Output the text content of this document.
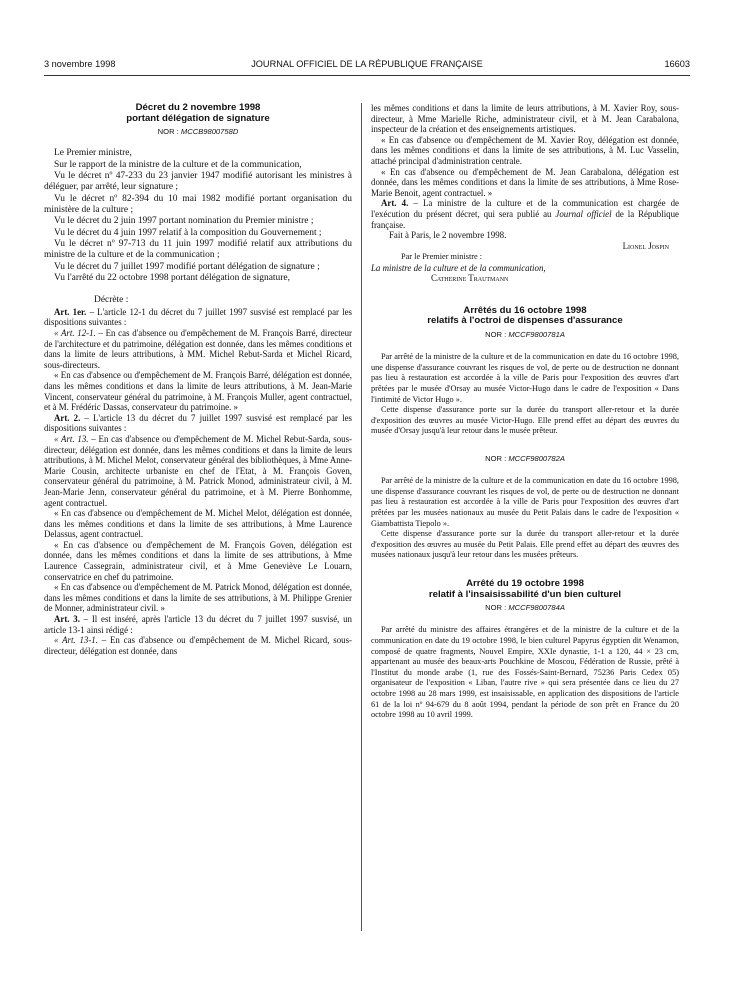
3 novembre 1998	JOURNAL OFFICIEL DE LA RÉPUBLIQUE FRANÇAISE	16603

Décret du 2 novembre 1998
portant délégation de signature

NOR : MCCB9800758D

Le Premier ministre,

Sur le rapport de la ministre de la culture et de la communication,

Vu le décret nº 47-233 du 23 janvier 1947 modifié autorisant les ministres à déléguer, par arrêté, leur signature ;

Vu le décret nº 82-394 du 10 mai 1982 modifié portant organisation du ministère de la culture ;

Vu le décret du 2 juin 1997 portant nomination du Premier ministre ;

Vu le décret du 4 juin 1997 relatif à la composition du Gouvernement ;

Vu le décret nº 97-713 du 11 juin 1997 modifié relatif aux attributions du ministre de la culture et de la communication ;

Vu le décret du 7 juillet 1997 modifié portant délégation de signature ;

Vu l'arrêté du 22 octobre 1998 portant délégation de signature,

Décrète :

Art. 1er. – L'article 12-1 du décret du 7 juillet 1997 susvisé est remplacé par les dispositions suivantes :

« Art. 12-1. – En cas d'absence ou d'empêchement de M. François Barré, directeur de l'architecture et du patrimoine, délégation est donnée, dans les mêmes conditions et dans la limite de leurs attributions, à MM. Michel Rebut-Sarda et Michel Ricard, sous-directeurs.

« En cas d'absence ou d'empêchement de M. François Barré, délégation est donnée, dans les mêmes conditions et dans la limite de leurs attributions, à M. Jean-Marie Vincent, conservateur général du patrimoine, à M. François Muller, agent contractuel, et à M. Frédéric Dassas, conservateur du patrimoine. »

Art. 2. – L'article 13 du décret du 7 juillet 1997 susvisé est remplacé par les dispositions suivantes :

« Art. 13. – En cas d'absence ou d'empêchement de M. Michel Rebut-Sarda, sous-directeur, délégation est donnée, dans les mêmes conditions et dans la limite de leurs attributions, à M. Michel Melot, conservateur général des bibliothèques, à Mme Anne-Marie Cousin, architecte urbaniste en chef de l'Etat, à M. François Goven, conservateur général du patrimoine, à M. Patrick Monod, administrateur civil, à M. Jean-Marie Jenn, conservateur général du patrimoine, et à M. Pierre Bonhomme, agent contractuel.

« En cas d'absence ou d'empêchement de M. Michel Melot, délégation est donnée, dans les mêmes conditions et dans la limite de ses attributions, à Mme Laurence Delassus, agent contractuel.

« En cas d'absence ou d'empêchement de M. François Goven, délégation est donnée, dans les mêmes conditions et dans la limite de ses attributions, à Mme Laurence Cassegrain, administrateur civil, et à Mme Geneviève Le Louarn, conservatrice en chef du patrimoine.

« En cas d'absence ou d'empêchement de M. Patrick Monod, délégation est donnée, dans les mêmes conditions et dans la limite de ses attributions, à M. Philippe Grenier de Monner, administrateur civil. »

Art. 3. – Il est inséré, après l'article 13 du décret du 7 juillet 1997 susvisé, un article 13-1 ainsi rédigé :

« Art. 13-1. – En cas d'absence ou d'empêchement de M. Michel Ricard, sous-directeur, délégation est donnée, dans

les mêmes conditions et dans la limite de leurs attributions, à M. Xavier Roy, sous-directeur, à Mme Marielle Riche, administrateur civil, et à M. Jean Carabalona, inspecteur de la création et des enseignements artistiques.

« En cas d'absence ou d'empêchement de M. Xavier Roy, délégation est donnée, dans les mêmes conditions et dans la limite de ses attributions, à M. Luc Vasselin, attaché principal d'administration centrale.

« En cas d'absence ou d'empêchement de M. Jean Carabalona, délégation est donnée, dans les mêmes conditions et dans la limite de ses attributions, à Mme Rose-Marie Benoit, agent contractuel. »

Art. 4. – La ministre de la culture et de la communication est chargée de l'exécution du présent décret, qui sera publié au Journal officiel de la République française.

Fait à Paris, le 2 novembre 1998.

Lionel Jospin

Par le Premier ministre :

La ministre de la culture et de la communication,

Catherine Trautmann

Arrêtés du 16 octobre 1998
relatifs à l'octroi de dispenses d'assurance

NOR : MCCF9800781A

Par arrêté de la ministre de la culture et de la communication en date du 16 octobre 1998, une dispense d'assurance couvrant les risques de vol, de perte ou de destruction ne donnant pas lieu à restauration est accordée à la ville de Paris pour l'exposition des œuvres d'art prêtées par le musée d'Orsay au musée Victor-Hugo dans le cadre de l'exposition « Dans l'intimité de Victor Hugo ».

Cette dispense d'assurance porte sur la durée du transport aller-retour et la durée d'exposition des œuvres au musée Victor-Hugo. Elle prend effet au départ des œuvres du musée d'Orsay jusqu'à leur retour dans le musée prêteur.

NOR : MCCF9800782A

Par arrêté de la ministre de la culture et de la communication en date du 16 octobre 1998, une dispense d'assurance couvrant les risques de vol, de perte ou de destruction ne donnant pas lieu à restauration est accordée à la ville de Paris pour l'exposition des œuvres d'art prêtées par les musées nationaux au musée du Petit Palais dans le cadre de l'exposition « Giambattista Tiepolo ».

Cette dispense d'assurance porte sur la durée du transport aller-retour et la durée d'exposition des œuvres au musée du Petit Palais. Elle prend effet au départ des œuvres des musées nationaux jusqu'à leur retour dans les musées prêteurs.

Arrêté du 19 octobre 1998
relatif à l'insaisissabilité d'un bien culturel

NOR : MCCF9800784A

Par arrêté du ministre des affaires étrangères et de la ministre de la culture et de la communication en date du 19 octobre 1998, le bien culturel Papyrus égyptien dit Wenamon, composé de quatre fragments, Nouvel Empire, XXIe dynastie, 1-1 a 120, 44 × 23 cm, appartenant au musée des beaux-arts Pouchkine de Moscou, Fédération de Russie, prêté à l'Institut du monde arabe (1, rue des Fossés-Saint-Bernard, 75236 Paris Cedex 05) organisateur de l'exposition « Liban, l'autre rive » qui sera présentée dans ce lieu du 27 octobre 1998 au 28 mars 1999, est insaisissable, en application des dispositions de l'article 61 de la loi nº 94-679 du 8 août 1994, pendant la période de son prêt en France du 20 octobre 1998 au 10 avril 1999.
